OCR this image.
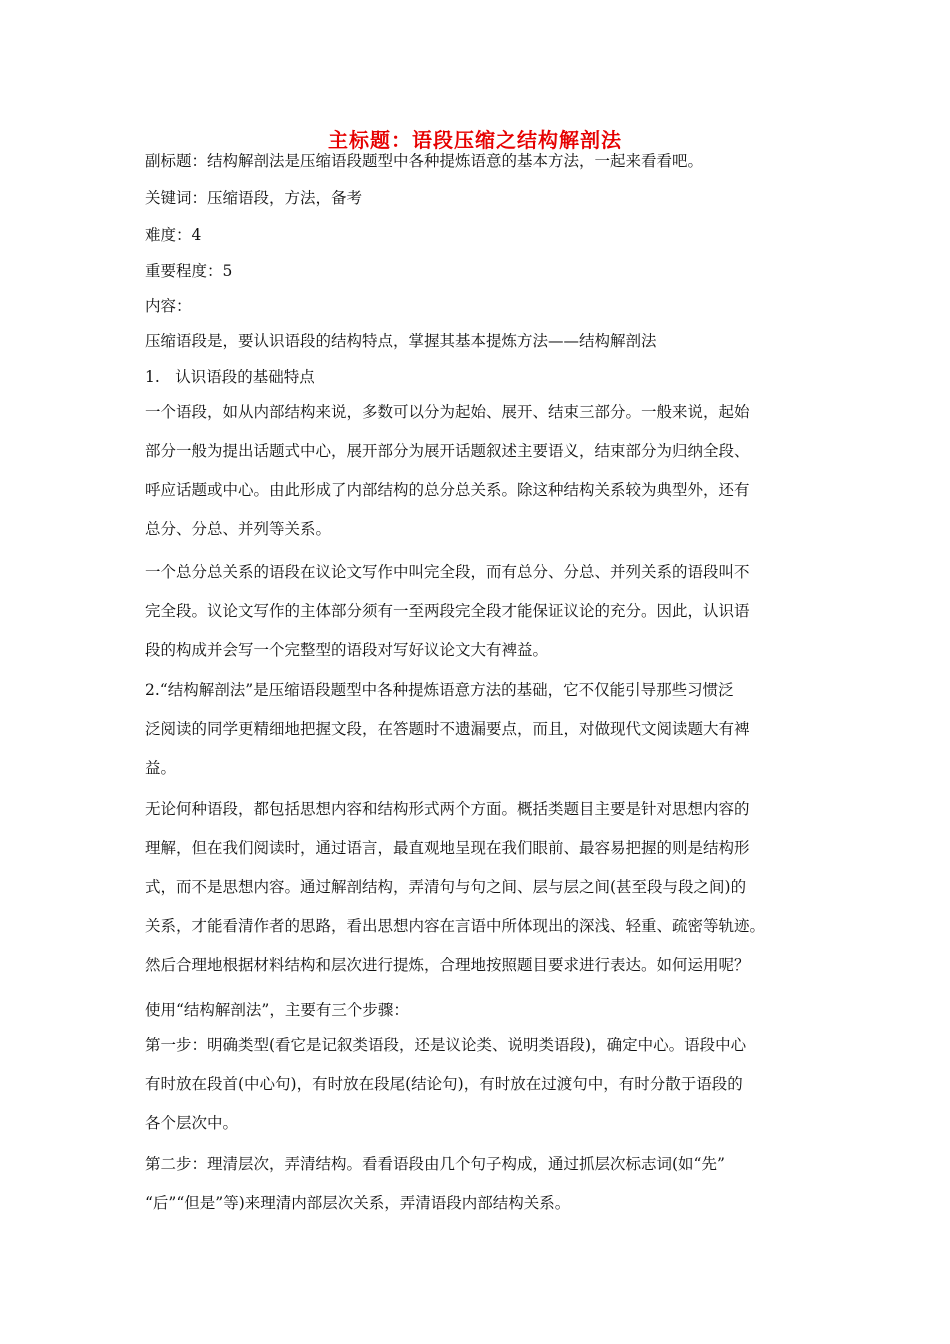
主标题：语段压缩之结构解剖法
副标题：结构解剖法是压缩语段题型中各种提炼语意的基本方法，一起来看看吧。
关键词：压缩语段，方法，备考
难度：4
重要程度：5
内容：
压缩语段是，要认识语段的结构特点，掌握其基本提炼方法——结构解剖法
1.　认识语段的基础特点
一个语段，如从内部结构来说，多数可以分为起始、展开、结束三部分。一般来说，起始
部分一般为提出话题式中心，展开部分为展开话题叙述主要语义，结束部分为归纳全段、
呼应话题或中心。由此形成了内部结构的总分总关系。除这种结构关系较为典型外，还有
总分、分总、并列等关系。
一个总分总关系的语段在议论文写作中叫完全段，而有总分、分总、并列关系的语段叫不
完全段。议论文写作的主体部分须有一至两段完全段才能保证议论的充分。因此，认识语
段的构成并会写一个完整型的语段对写好议论文大有裨益。
2.“结构解剖法”是压缩语段题型中各种提炼语意方法的基础，它不仅能引导那些习惯泛
泛阅读的同学更精细地把握文段，在答题时不遗漏要点，而且，对做现代文阅读题大有裨
益。
无论何种语段，都包括思想内容和结构形式两个方面。概括类题目主要是针对思想内容的
理解，但在我们阅读时，通过语言，最直观地呈现在我们眼前、最容易把握的则是结构形
式，而不是思想内容。通过解剖结构，弄清句与句之间、层与层之间(甚至段与段之间)的
关系，才能看清作者的思路，看出思想内容在言语中所体现出的深浅、轻重、疏密等轨迹。
然后合理地根据材料结构和层次进行提炼，合理地按照题目要求进行表达。如何运用呢？
使用“结构解剖法”，主要有三个步骤：
第一步：明确类型(看它是记叙类语段，还是议论类、说明类语段)，确定中心。语段中心
有时放在段首(中心句)，有时放在段尾(结论句)，有时放在过渡句中，有时分散于语段的
各个层次中。
第二步：理清层次，弄清结构。看看语段由几个句子构成，通过抓层次标志词(如“先”
“后”“但是”等)来理清内部层次关系，弄清语段内部结构关系。
